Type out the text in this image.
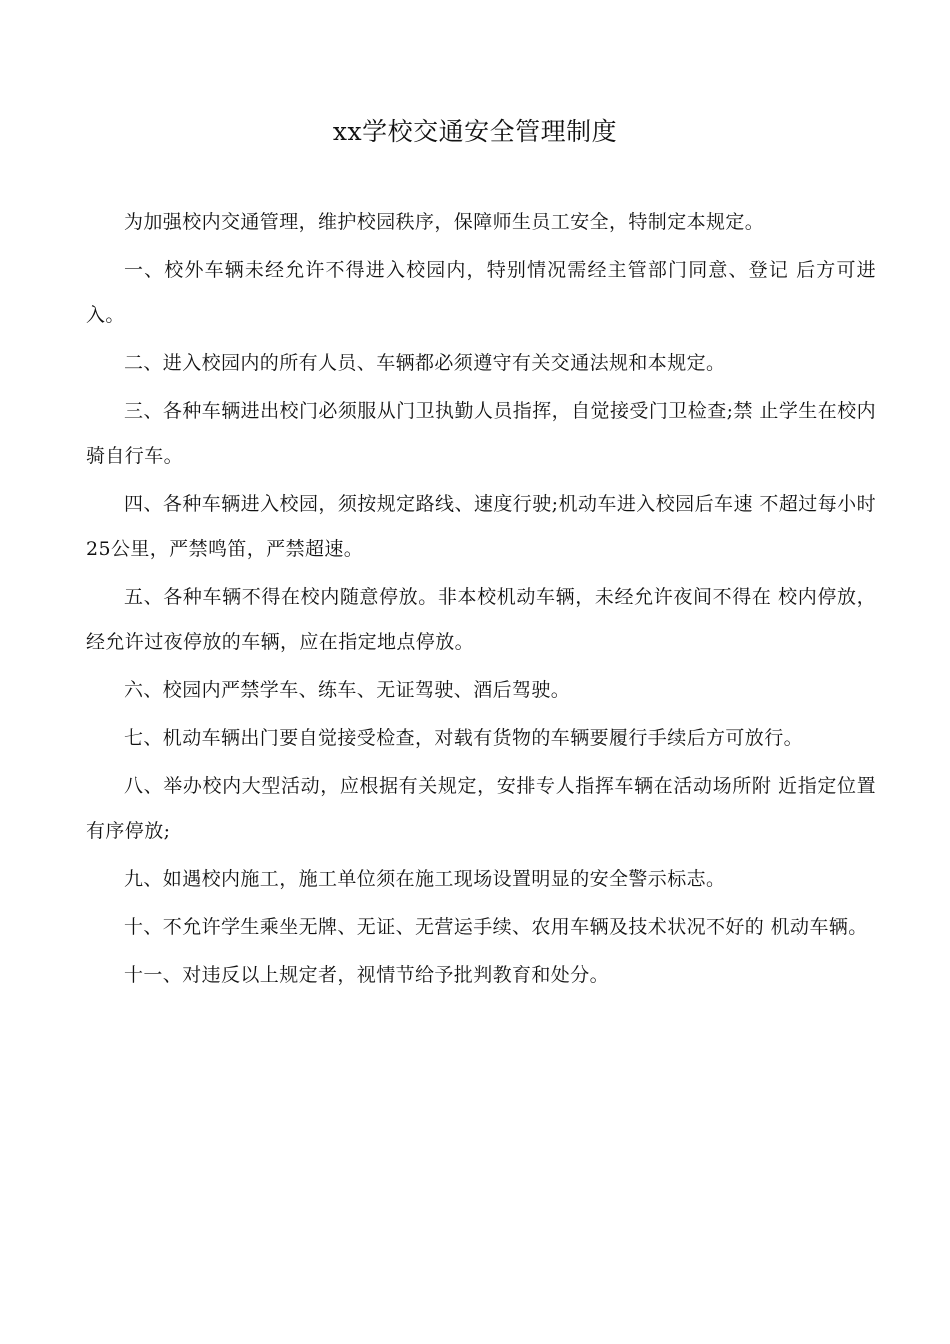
xx学校交通安全管理制度

为加强校内交通管理，维护校园秩序，保障师生员工安全，特制定本规定。

一、校外车辆未经允许不得进入校园内，特别情况需经主管部门同意、登记 后方可进入。

二、进入校园内的所有人员、车辆都必须遵守有关交通法规和本规定。

三、各种车辆进出校门必须服从门卫执勤人员指挥，自觉接受门卫检查;禁 止学生在校内骑自行车。

四、各种车辆进入校园，须按规定路线、速度行驶;机动车进入校园后车速 不超过每小时25公里，严禁鸣笛，严禁超速。

五、各种车辆不得在校内随意停放。非本校机动车辆，未经允许夜间不得在 校内停放，经允许过夜停放的车辆，应在指定地点停放。

六、校园内严禁学车、练车、无证驾驶、酒后驾驶。

七、机动车辆出门要自觉接受检查，对载有货物的车辆要履行手续后方可放行。

八、举办校内大型活动，应根据有关规定，安排专人指挥车辆在活动场所附 近指定位置有序停放;

九、如遇校内施工，施工单位须在施工现场设置明显的安全警示标志。

十、不允许学生乘坐无牌、无证、无营运手续、农用车辆及技术状况不好的 机动车辆。

十一、对违反以上规定者，视情节给予批判教育和处分。
